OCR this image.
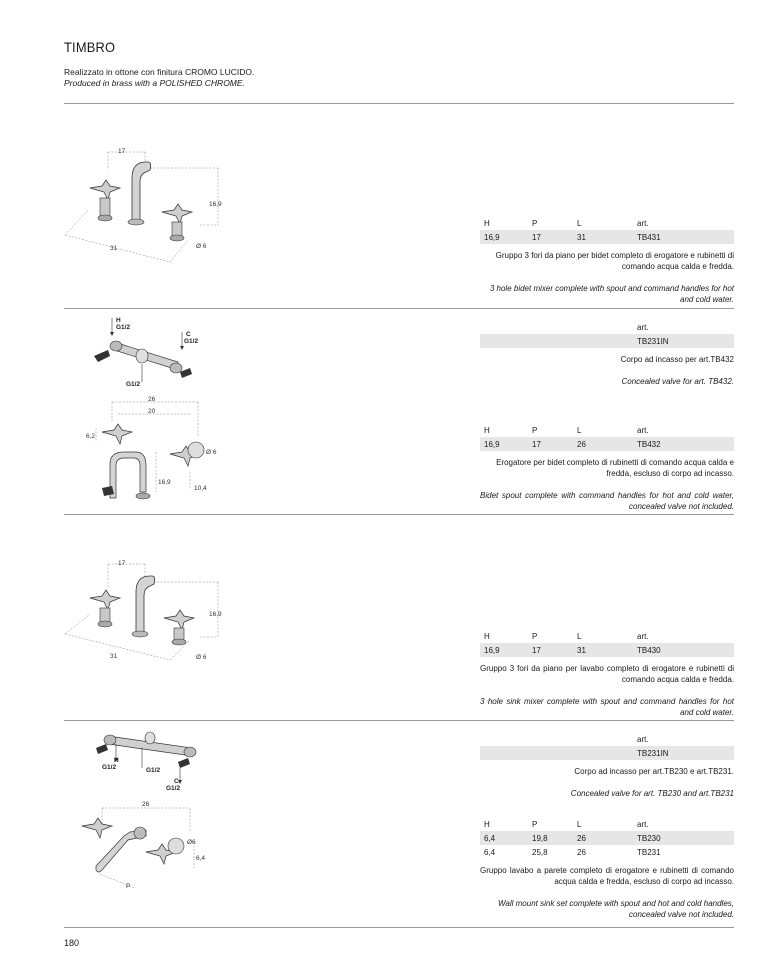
TIMBRO
Realizzato in ottone con finitura CROMO LUCIDO.
Produced in brass with a POLISHED CHROME.
17
16,9
31	Ø 6
H	P	L	art.
16,9	17	31	TB431
Gruppo 3 fori da piano per bidet completo di erogatore e rubinetti di comando acqua calda e fredda.
3 hole bidet mixer complete with spout and command handles for hot and cold water.
H
G1/2
C
G1/2
G1/2
			art.
			TB231IN
Corpo ad incasso per art.TB432
Concealed valve for art. TB432.
26
20
6,2
Ø 6
16,9
10,4
H	P	L	art.
16,9	17	26	TB432
Erogatore per bidet completo di rubinetti di comando acqua calda e fredda, escluso di corpo ad incasso.
Bidet spout complete with command handles for hot and cold water, concealed valve not included.
17
16,9
31	Ø 6
H	P	L	art.
16,9	17	31	TB430
Gruppo 3 fori da piano per lavabo completo di erogatore e rubinetti di comando acqua calda e fredda.
3 hole sink mixer complete with spout and command handles for hot and cold water.
H
G1/2	G1/2
C
G1/2
			art.
			TB231IN
Corpo ad incasso per art.TB230 e art.TB231.
Concealed valve for art. TB230 and art.TB231
26
Ø6
6,4
P
H	P	L	art.
6,4	19,8	26	TB230
6,4	25,8	26	TB231
Gruppo lavabo a parete completo di erogatore e rubinetti di comando acqua calda e fredda, escluso di corpo ad incasso.
Wall mount sink set complete with spout and hot and cold handles, concealed valve not included.
180
